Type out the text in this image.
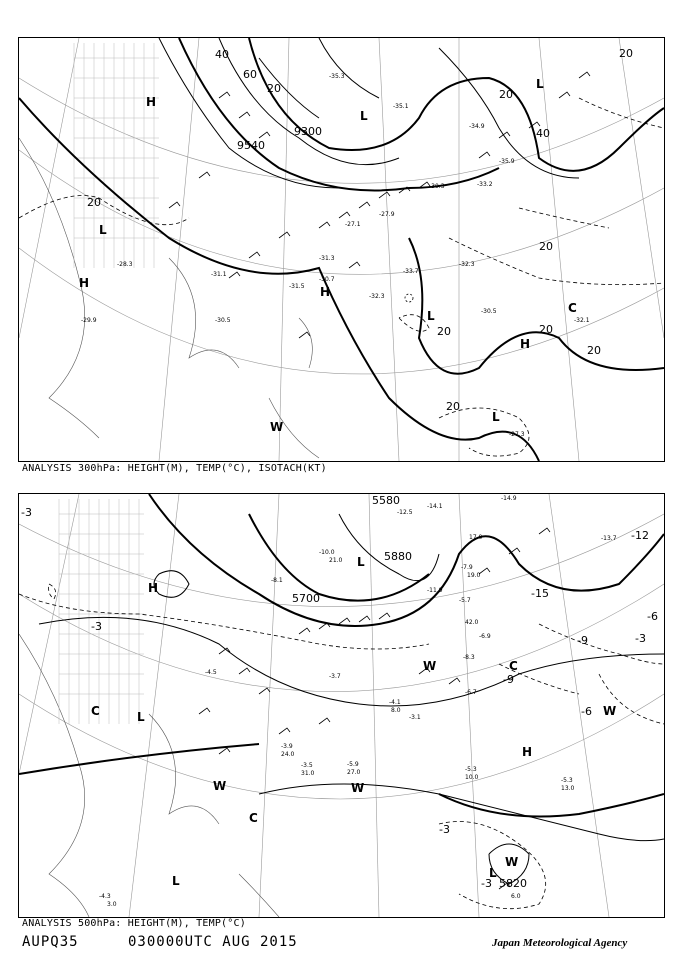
9300
9540
20
40
60
20	20
40
20
20	20
20
20
20
H
L
H
L
H
L
H
C
W
L
L
-30.3
-31.3
-32.3
-33.7
-30.5
-27.9
-35.9
-32.1
-27.3
-29.9
-28.3
-31.5
-32.3
-35.3
-35.1
-34.9
-30.5
-31.1
-30.7
-33.2
-27.1
ANALYSIS 300hPa: HEIGHT(M), TEMP(°C), ISOTACH(KT)
5580
5700
5820
5880
-3
-3
-3
-6
-6
-9
-9
-12
-15
-3
-3
H
L
C
L
C
W	W
H
W
C
L
L
W
W
-5.3
-5.3
-4.3
-3.9
-7.9
-12.5
-14.1
-14.9
-13.7
-11.9
-10.0
-8.3
-6.7
-5.9
-4.5
-3.7
-3.5
-8.1
-6.9
-4.1
-3.1
-5.7
10.0
13.0
17.0
19.0
21.0
24.0
27.0
31.0
42.0
6.0
3.0
8.0
ANALYSIS 500hPa: HEIGHT(M), TEMP(°C)
AUPQ35	030000UTC AUG 2015	Japan Meteorological Agency
